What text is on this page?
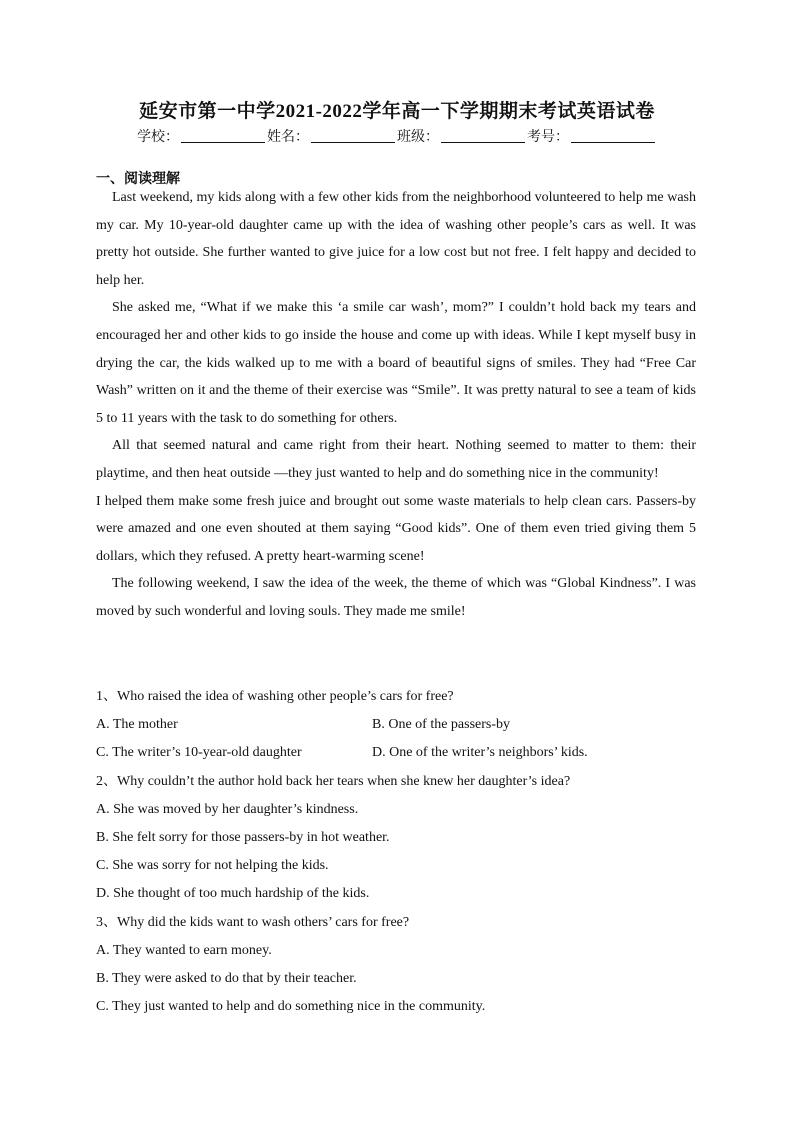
延安市第一中学2021-2022学年高一下学期期末考试英语试卷
学校：	姓名：	班级：	考号：
一、阅读理解

Last weekend, my kids along with a few other kids from the neighborhood volunteered to help me wash my car. My 10-year-old daughter came up with the idea of washing other people’s cars as well. It was pretty hot outside. She further wanted to give juice for a low cost but not free. I felt happy and decided to help her.

She asked me, “What if we make this ‘a smile car wash’, mom?” I couldn’t hold back my tears and encouraged her and other kids to go inside the house and come up with ideas. While I kept myself busy in drying the car, the kids walked up to me with a board of beautiful signs of smiles. They had “Free Car Wash” written on it and the theme of their exercise was “Smile”. It was pretty natural to see a team of kids 5 to 11 years with the task to do something for others.

All that seemed natural and came right from their heart. Nothing seemed to matter to them: their playtime, and then heat outside —they just wanted to help and do something nice in the community!

I helped them make some fresh juice and brought out some waste materials to help clean cars. Passers-by were amazed and one even shouted at them saying “Good kids”. One of them even tried giving them 5 dollars, which they refused. A pretty heart-warming scene!

The following weekend, I saw the idea of the week, the theme of which was “Global Kindness”. I was moved by such wonderful and loving souls. They made me smile!

1、Who raised the idea of washing other people’s cars for free?
A. The mother	B. One of the passers-by
C. The writer’s 10-year-old daughter	D. One of the writer’s neighbors’ kids.
2、Why couldn’t the author hold back her tears when she knew her daughter’s idea?
A. She was moved by her daughter’s kindness.
B. She felt sorry for those passers-by in hot weather.
C. She was sorry for not helping the kids.
D. She thought of too much hardship of the kids.
3、Why did the kids want to wash others’ cars for free?
A. They wanted to earn money.
B. They were asked to do that by their teacher.
C. They just wanted to help and do something nice in the community.
